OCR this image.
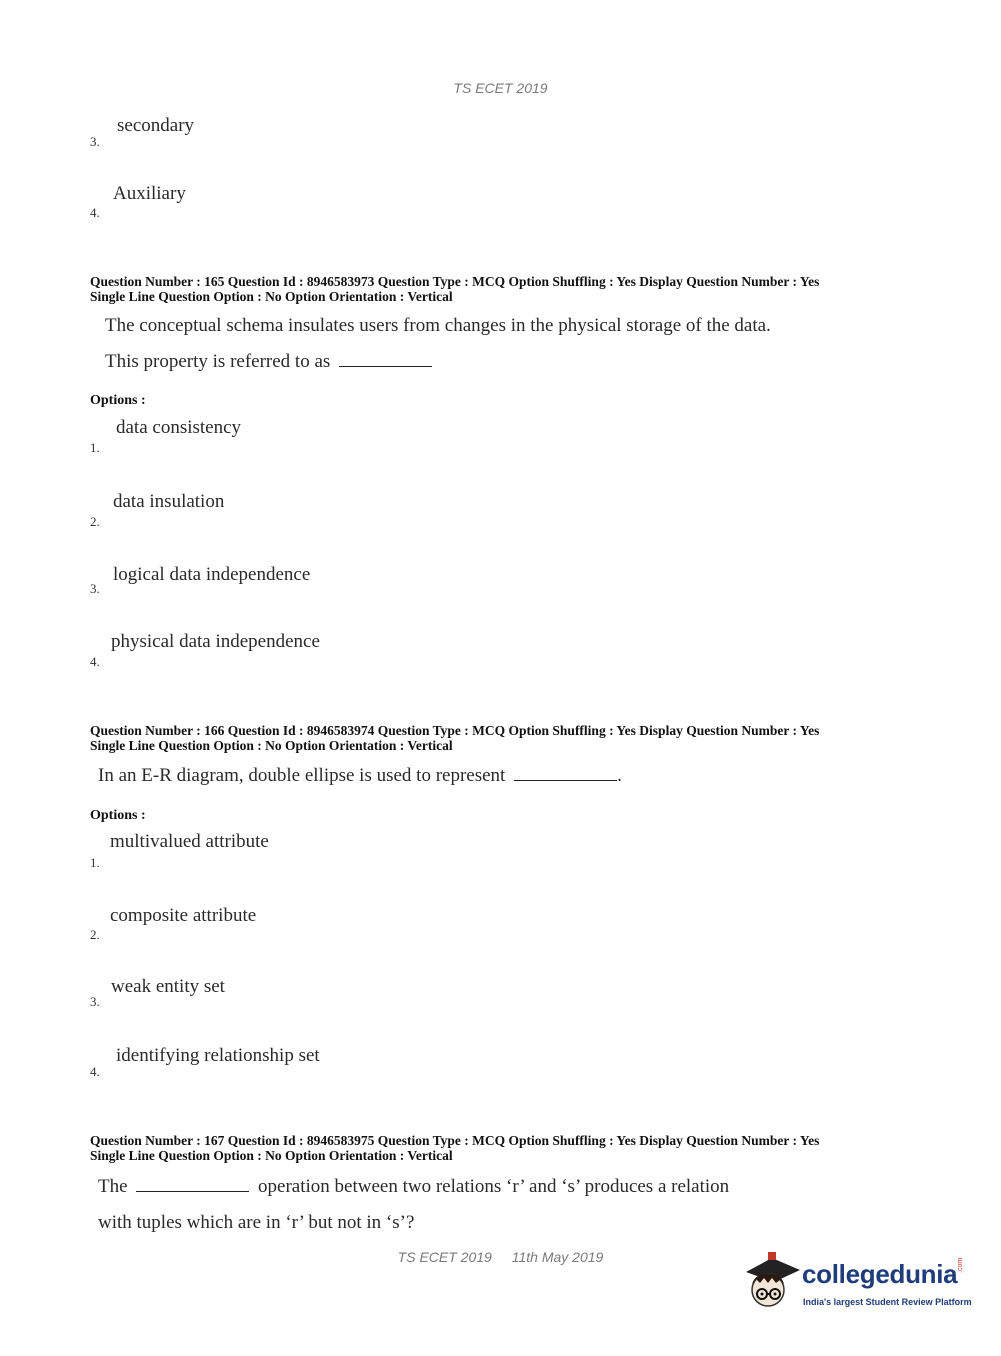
TS ECET 2019
secondary
3.
Auxiliary
4.
Question Number : 165 Question Id : 8946583973 Question Type : MCQ Option Shuffling : Yes Display Question Number : Yes
Single Line Question Option : No Option Orientation : Vertical
The conceptual schema insulates users from changes in the physical storage of the data.
This property is referred to as
Options :
data consistency
1.
data insulation
2.
logical data independence
3.
physical data independence
4.
Question Number : 166 Question Id : 8946583974 Question Type : MCQ Option Shuffling : Yes Display Question Number : Yes
Single Line Question Option : No Option Orientation : Vertical
In an E-R diagram, double ellipse is used to represent	.
Options :
multivalued attribute
1.
composite attribute
2.
weak entity set
3.
identifying relationship set
4.
Question Number : 167 Question Id : 8946583975 Question Type : MCQ Option Shuffling : Yes Display Question Number : Yes
Single Line Question Option : No Option Orientation : Vertical
The	operation between two relations ‘r’ and ‘s’ produces a relation
with tuples which are in ‘r’ but not in ‘s’?
TS ECET 2019 11th May 2019
collegedunia .com
India's largest Student Review Platform
